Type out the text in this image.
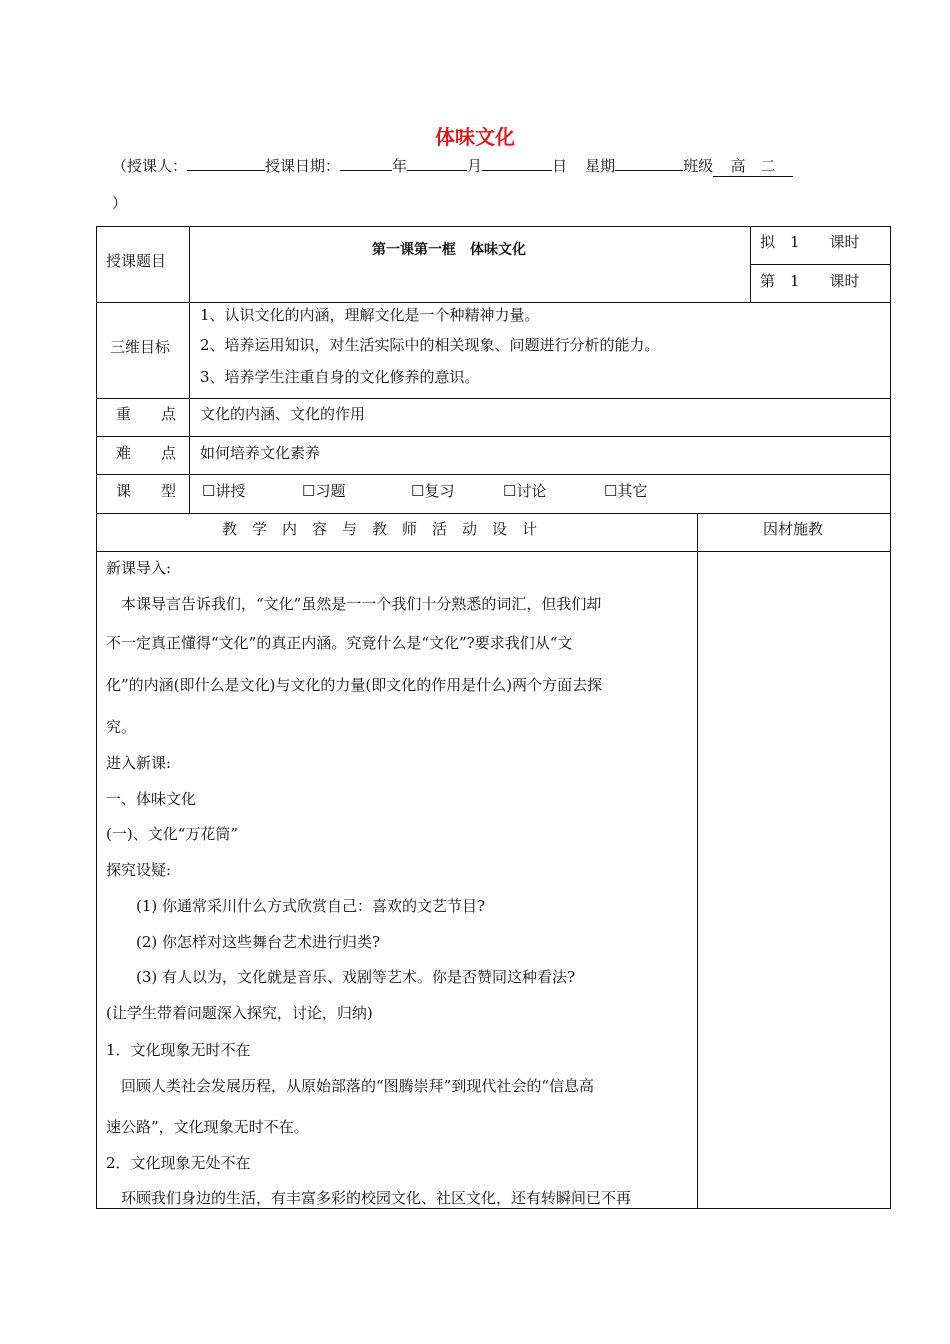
体味文化
（授课人：	授课日期：	年	月	日 星期	班级 高　二
）
授课题目
第一课第一框　体味文化	拟　1　　课时
第　1　　课时
三维目标
1、认识文化的内涵，理解文化是一个种精神力量。
2、培养运用知识，对生活实际中的相关现象、问题进行分析的能力。
3、培养学生注重自身的文化修养的意识。
重　　点 文化的内涵、文化的作用
难　　点 如何培养文化素养
课　　型 ☐讲授	☐习题	☐复习	☐讨论	☐其它
教　学　内　容　与　教　师　活　动　设　计	因材施教
新课导入:
　本课导言告诉我们，“文化”虽然是一一个我们十分熟悉的词汇，但我们却
不一定真正懂得“文化”的真正内涵。究竟什么是“文化”?要求我们从“文
化”的内涵(即什么是文化)与文化的力量(即文化的作用是什么)两个方面去探
究。
进入新课:
一、体味文化
(一)、文化“万花筒”
探究设疑:
　　(1) 你通常采川什么方式欣赏自己：喜欢的文艺节目?
　　(2) 你怎样对这些舞台艺术进行归类?
　　(3) 有人以为，文化就是音乐、戏剧等艺术。你是否赞同这种看法?
(让学生带着问题深入探究，讨论，归纳)
1．文化现象无时不在
　回顾人类社会发展历程，从原始部落的“图腾崇拜”到现代社会的“信息高
速公路”，文化现象无时不在。
2．文化现象无处不在
　环顾我们身边的生活，有丰富多彩的校园文化、社区文化，还有转瞬间已不再
